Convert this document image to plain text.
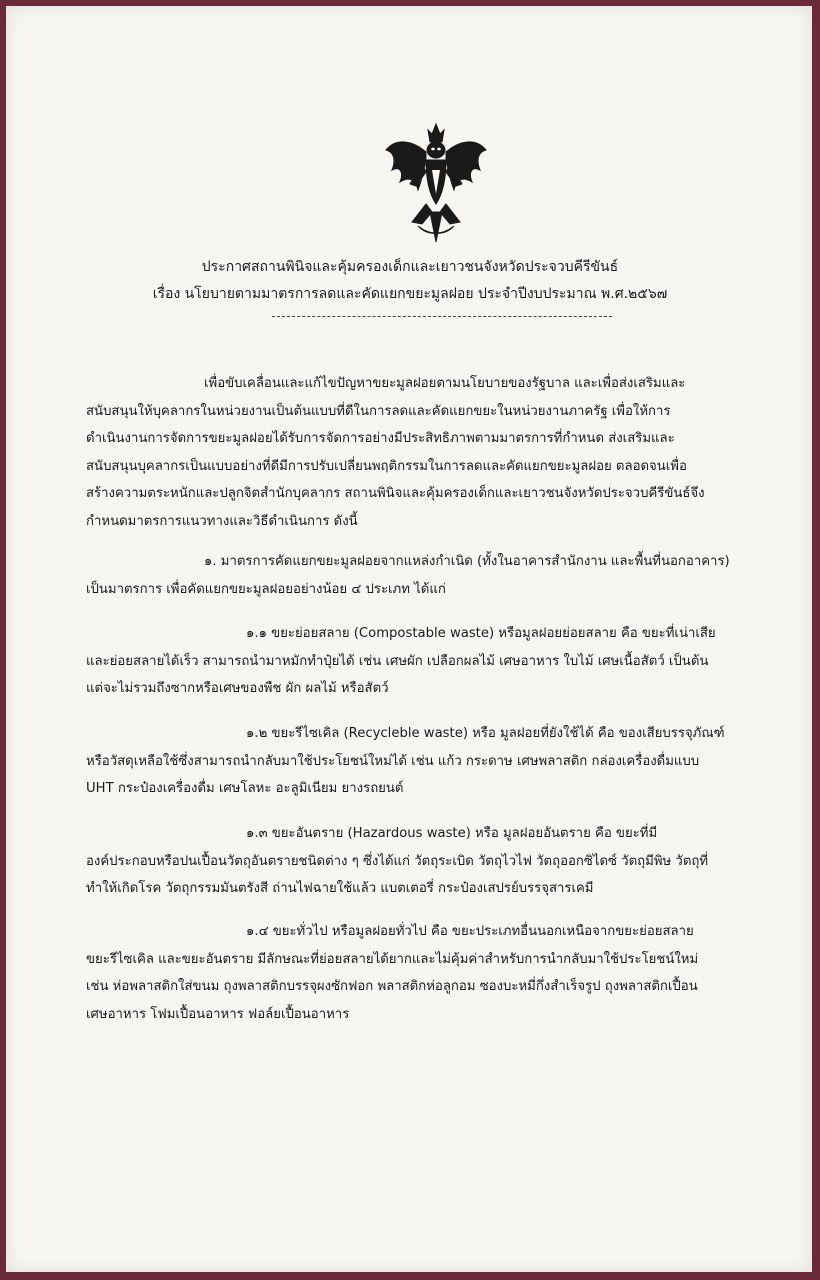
ประกาศสถานพินิจและคุ้มครองเด็กและเยาวชนจังหวัดประจวบคีรีขันธ์
เรื่อง นโยบายตามมาตรการลดและคัดแยกขยะมูลฝอย ประจำปีงบประมาณ พ.ศ.๒๕๖๗
เพื่อขับเคลื่อนและแก้ไขปัญหาขยะมูลฝอยตามนโยบายของรัฐบาล และเพื่อส่งเสริมและ
สนับสนุนให้บุคลากรในหน่วยงานเป็นต้นแบบที่ดีในการลดและคัดแยกขยะในหน่วยงานภาครัฐ เพื่อให้การ
ดำเนินงานการจัดการขยะมูลฝอยได้รับการจัดการอย่างมีประสิทธิภาพตามมาตรการที่กำหนด ส่งเสริมและ
สนับสนุนบุคลากรเป็นแบบอย่างที่ดีมีการปรับเปลี่ยนพฤติกรรมในการลดและคัดแยกขยะมูลฝอย ตลอดจนเพื่อ
สร้างความตระหนักและปลูกจิตสำนักบุคลากร สถานพินิจและคุ้มครองเด็กและเยาวชนจังหวัดประจวบคีรีขันธ์จึง
กำหนดมาตรการแนวทางและวิธีดำเนินการ ดังนี้
๑. มาตรการคัดแยกขยะมูลฝอยจากแหล่งกำเนิด (ทั้งในอาคารสำนักงาน และพื้นที่นอกอาคาร)
เป็นมาตรการ เพื่อคัดแยกขยะมูลฝอยอย่างน้อย ๔ ประเภท ได้แก่
๑.๑ ขยะย่อยสลาย (Compostable waste) หรือมูลฝอยย่อยสลาย คือ ขยะที่เน่าเสีย
และย่อยสลายได้เร็ว สามารถนำมาหมักทำปุ๋ยได้ เช่น เศษผัก เปลือกผลไม้ เศษอาหาร ใบไม้ เศษเนื้อสัตว์ เป็นต้น
แต่จะไม่รวมถึงซากหรือเศษของพืช ผัก ผลไม้ หรือสัตว์
๑.๒ ขยะรีไซเคิล (Recycleble waste) หรือ มูลฝอยที่ยังใช้ได้ คือ ของเสียบรรจุภัณฑ์
หรือวัสดุเหลือใช้ซึ่งสามารถนำกลับมาใช้ประโยชน์ใหม่ได้ เช่น แก้ว กระดาษ เศษพลาสติก กล่องเครื่องดื่มแบบ
UHT กระป๋องเครื่องดื่ม เศษโลหะ อะลูมิเนียม ยางรถยนต์
๑.๓ ขยะอันตราย (Hazardous waste) หรือ มูลฝอยอันตราย คือ ขยะที่มี
องค์ประกอบหรือปนเปื้อนวัตถุอันตรายชนิดต่าง ๆ ซึ่งได้แก่ วัตถุระเบิด วัตถุไวไฟ วัตถุออกซิไดซ์ วัตถุมีพิษ วัตถุที่
ทำให้เกิดโรค วัตถุกรรมมันตรังสี ถ่านไฟฉายใช้แล้ว แบตเตอรี่ กระป๋องเสปรย์บรรจุสารเคมี
๑.๔ ขยะทั่วไป หรือมูลฝอยทั่วไป คือ ขยะประเภทอื่นนอกเหนือจากขยะย่อยสลาย
ขยะรีไซเคิล และขยะอันตราย มีลักษณะที่ย่อยสลายได้ยากและไม่คุ้มค่าสำหรับการนำกลับมาใช้ประโยชน์ใหม่
เช่น ห่อพลาสติกใส่ขนม ถุงพลาสติกบรรจุผงซักฟอก พลาสติกห่อลูกอม ซองบะหมี่กึ่งสำเร็จรูป ถุงพลาสติกเปื้อน
เศษอาหาร โฟมเปื้อนอาหาร ฟอล์ยเปื้อนอาหาร
